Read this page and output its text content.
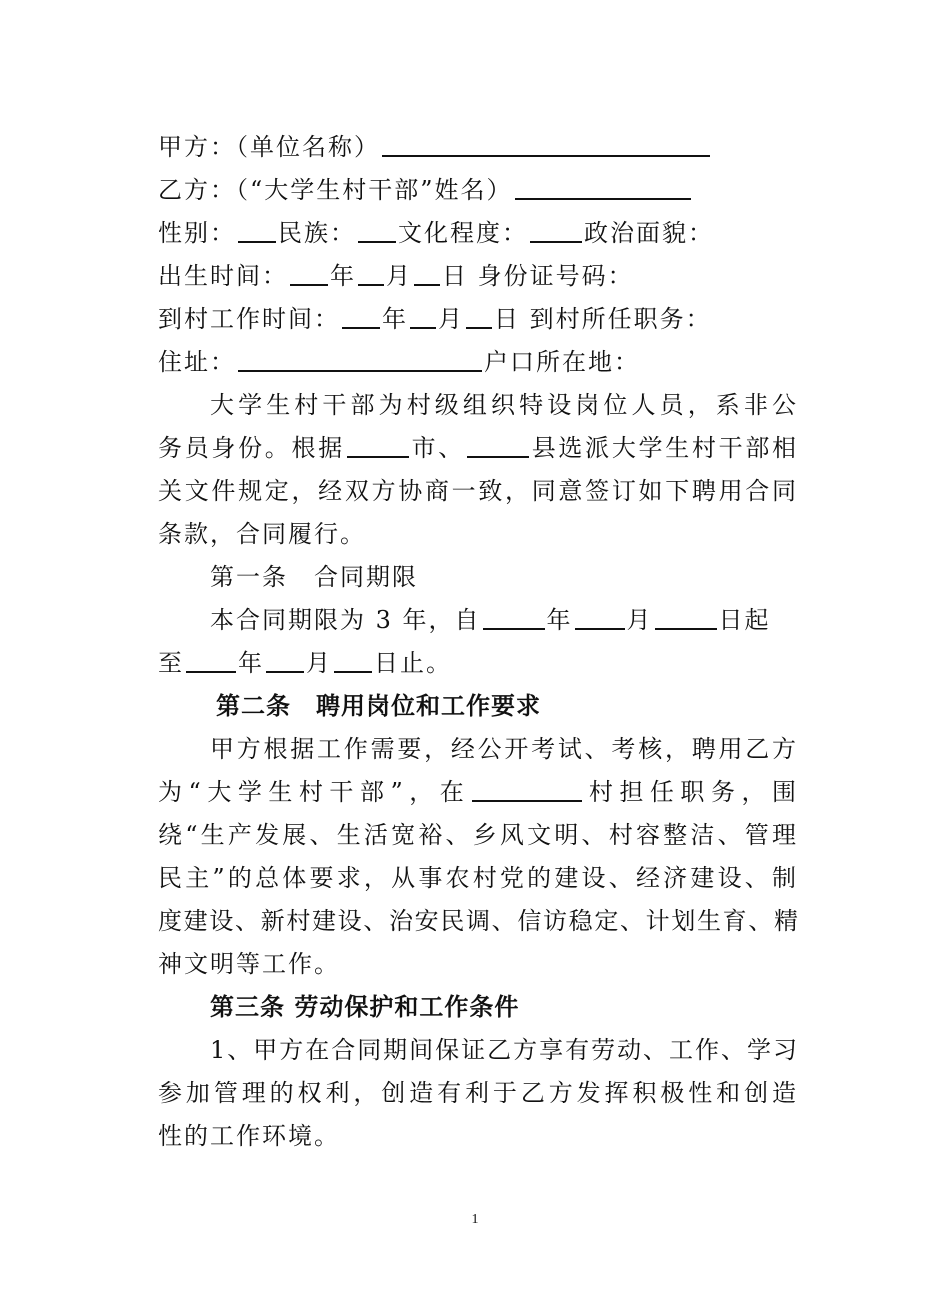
甲方：（单位名称）
乙方：（“大学生村干部”姓名）
性别： 民族： 文化程度： 政治面貌：
出生时间： 年 月 日 身份证号码：
到村工作时间： 年 月 日 到村所任职务：
住址：	户口所在地：
大学生村干部为村级组织特设岗位人员，系非公
务员身份。根据	市、	县选派大学生村干部相
关文件规定，经双方协商一致，同意签订如下聘用合同
条款，合同履行。
第一条　合同期限
本合同期限为 3 年，自	年 月	日起
至 年 月 日止。
第二条　聘用岗位和工作要求
甲方根据工作需要，经公开考试、考核，聘用乙方
为“大学生村干部”，在	村担任职务，围
绕“生产发展、生活宽裕、乡风文明、村容整洁、管理
民主”的总体要求，从事农村党的建设、经济建设、制
度建设、新村建设、治安民调、信访稳定、计划生育、精
神文明等工作。
第三条 劳动保护和工作条件
1、甲方在合同期间保证乙方享有劳动、工作、学习
参加管理的权利，创造有利于乙方发挥积极性和创造
性的工作环境。
1
